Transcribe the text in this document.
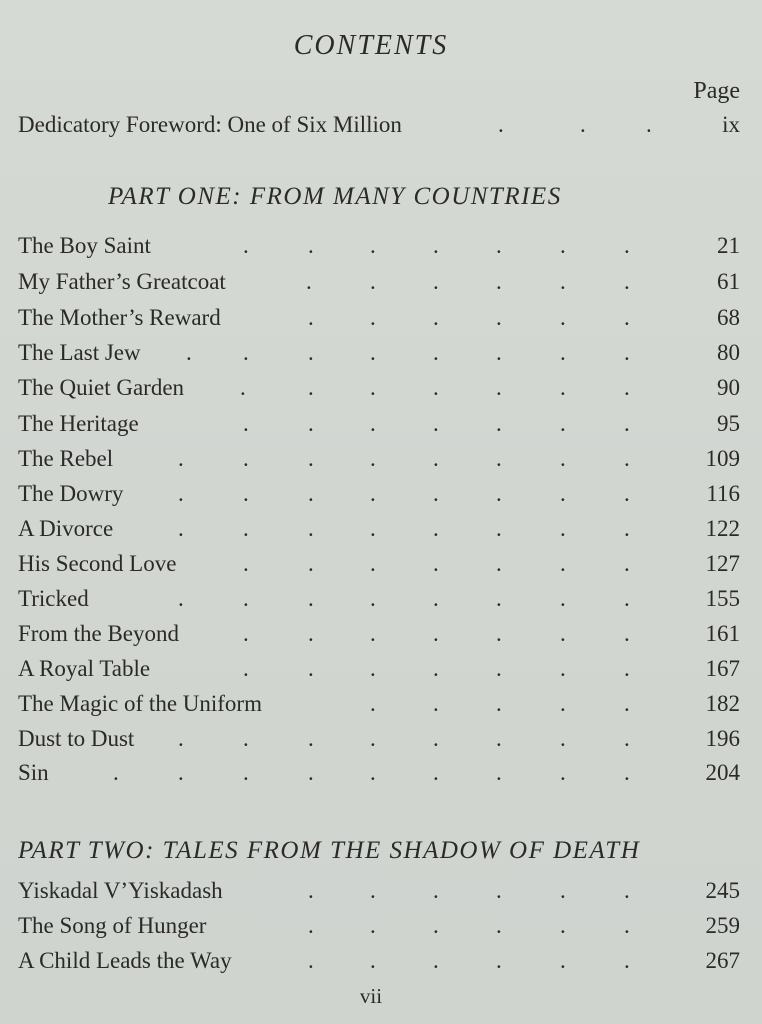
CONTENTS
Page
Dedicatory Foreword: One of Six Million	.	.	.	ix
PART ONE: FROM MANY COUNTRIES
The Boy Saint	.	. . . .	.	.	21
My Father’s Greatcoat	.	. . .	.	.	61
The Mother’s Reward	. . . .	.	.	68
The Last Jew . .	. . . .	.	.	80
The Quiet Garden .	. . . .	.	.	90
The Heritage	.	. . . .	.	.	95
The Rebel	.	.	. . . .	.	.	109
The Dowry .	.	. . . .	.	.	116
A Divorce	.	.	. . . .	.	.	122
His Second Love	.	. . . .	.	.	127
Tricked	.	.	. . . .	.	.	155
From the Beyond	.	. . . .	.	.	161
A Royal Table	.	. . . .	.	.	167
The Magic of the Uniform	. . .	.	.	182
Dust to Dust .	.	. . . .	.	.	196
Sin	.	.	.	. . . .	.	.	204
PART TWO: TALES FROM THE SHADOW OF DEATH
Yiskadal V’Yiskadash	. . . .	.	.	245
The Song of Hunger	. . . .	.	.	259
A Child Leads the Way	. . . .	.	.	267
vii
